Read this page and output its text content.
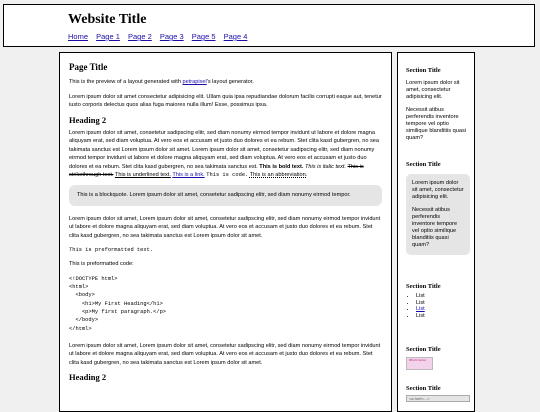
Website Title
Home Page 1 Page 2 Page 3 Page 5 Page 4
Page Title

This is the preview of a layout generated with petrapixel's layout generator.

Lorem ipsum dolor sit amet consectetur adipisicing elit. Ullam quia ipsa repudiandae dolorum facilis corrupti eaque aut, tenetur iusto corporis delectus quos alias fuga maiores nulla illum! Esse, possimus ipsa.

Heading 2

Lorem ipsum dolor sit amet, consetetur sadipscing elitr, sed diam nonumy eirmod tempor invidunt ut labore et dolore magna aliquyam erat, sed diam voluptua. At vero eos et accusam et justo duo dolores et ea rebum. Stet clita kasd gubergren, no sea takimata sanctus est Lorem ipsum dolor sit amet. Lorem ipsum dolor sit amet, consetetur sadipscing elitr, sed diam nonumy eirmod tempor invidunt ut labore et dolore magna aliquyam erat, sed diam voluptua. At vero eos et accusam et justo duo dolores et ea rebum. Stet clita kasd gubergren, no sea takimata sanctus est. This is bold text. This is italic text. This is strikethrough text. This is underlined text. This is a link. This is code. This is an abbreviation.

This is a blockquote. Lorem ipsum dolor sit amet, consetetur sadipscing elitr, sed diam nonumy eirmod tempor.

Lorem ipsum dolor sit amet, Lorem ipsum dolor sit amet, consetetur sadipscing elitr, sed diam nonumy eirmod tempor invidunt ut labore et dolore magna aliquyam erat, sed diam voluptua. At vero eos et accusam et justo duo dolores et ea rebum. Stet clita kasd gubergren, no sea takimata sanctus est Lorem ipsum dolor sit amet.

This is preformatted text.

This is preformatted code:

<!DOCTYPE html>
<html>
<body>
<h1>My First Heading</h1>
<p>My first paragraph.</p>
</body>
</html>

Lorem ipsum dolor sit amet, Lorem ipsum dolor sit amet, consetetur sadipscing elitr, sed diam nonumy eirmod tempor invidunt ut labore et dolore magna aliquyam erat, sed diam voluptua. At vero eos et accusam et justo duo dolores et ea rebum. Stet clita kasd gubergren, no sea takimata sanctus est Lorem ipsum dolor sit amet.

Heading 2
Section Title

Lorem ipsum dolor sit amet, consectetur adipisicing elit.

Necessit atibus perferendis inventore tempore vel optio similique blanditiis quasi quam?

Section Title

Lorem ipsum dolor sit amet, consectetur adipisicing elit.

Necessit atibus perferendis inventore tempore vel optio similique blanditiis quasi quam?

Section Title
• List
• List
• List
• List
Section Title
88x31 button
Section Title
<a href=...>
